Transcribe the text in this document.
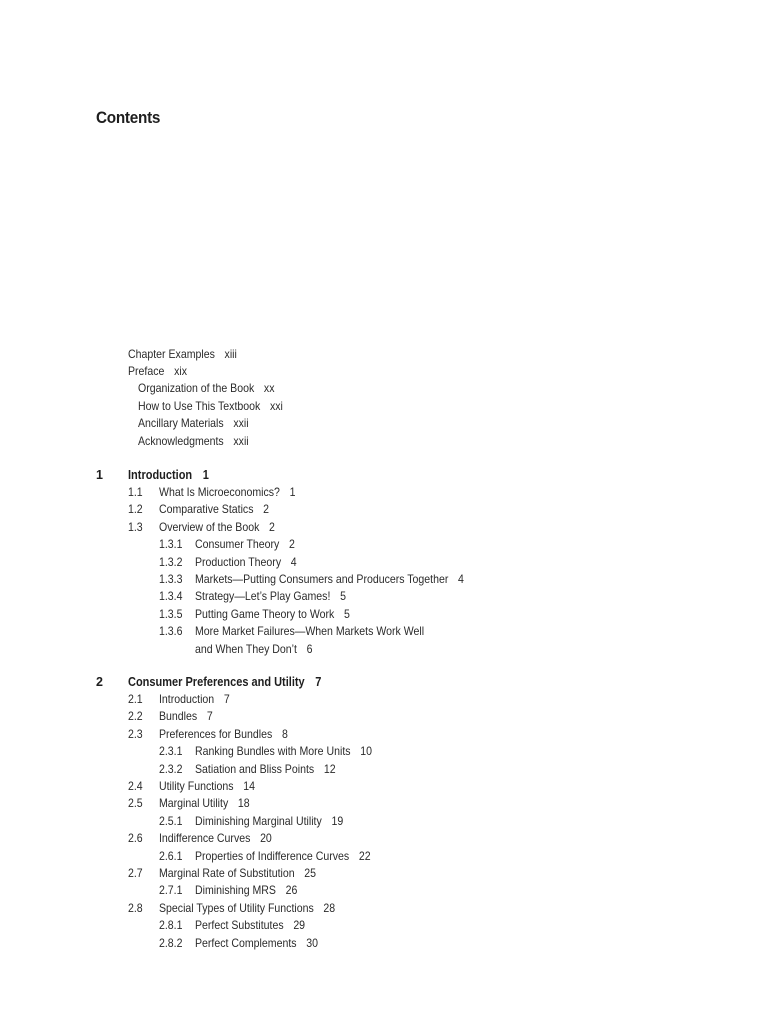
Contents
Chapter Examples xiii
Preface xix
Organization of the Book xx
How to Use This Textbook xxi
Ancillary Materials xxii
Acknowledgments xxii
1 Introduction 1
1.1 What Is Microeconomics? 1
1.2 Comparative Statics 2
1.3 Overview of the Book 2
1.3.1 Consumer Theory 2
1.3.2 Production Theory 4
1.3.3 Markets—Putting Consumers and Producers Together 4
1.3.4 Strategy—Let’s Play Games! 5
1.3.5 Putting Game Theory to Work 5
1.3.6 More Market Failures—When Markets Work Well
and When They Don’t 6
2 Consumer Preferences and Utility 7
2.1 Introduction 7
2.2 Bundles 7
2.3 Preferences for Bundles 8
2.3.1 Ranking Bundles with More Units 10
2.3.2 Satiation and Bliss Points 12
2.4 Utility Functions 14
2.5 Marginal Utility 18
2.5.1 Diminishing Marginal Utility 19
2.6 Indifference Curves 20
2.6.1 Properties of Indifference Curves 22
2.7 Marginal Rate of Substitution 25
2.7.1 Diminishing MRS 26
2.8 Special Types of Utility Functions 28
2.8.1 Perfect Substitutes 29
2.8.2 Perfect Complements 30
